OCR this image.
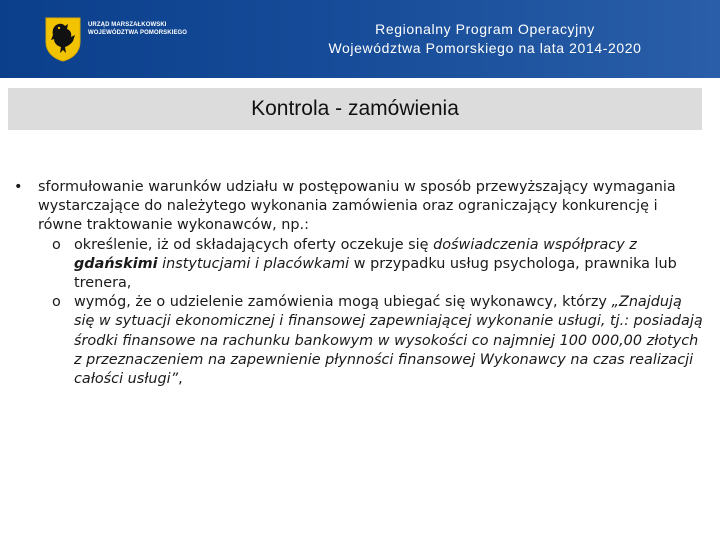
URZĄD MARSZAŁKOWSKI
WOJEWÓDZTWA POMORSKIEGO	Regionalny Program Operacyjny
Województwa Pomorskiego na lata 2014-2020
Kontrola - zamówienia
•	sformułowanie warunków udziału w postępowaniu w sposób przewyższający wymagania wystarczające do należytego wykonania zamówienia oraz ograniczający konkurencję i równe traktowanie wykonawców, np.:
o określenie, iż od składających oferty oczekuje się doświadczenia współpracy z gdańskimi instytucjami i placówkami w przypadku usług psychologa, prawnika lub trenera,
o wymóg, że o udzielenie zamówienia mogą ubiegać się wykonawcy, którzy „Znajdują się w sytuacji ekonomicznej i finansowej zapewniającej wykonanie usługi, tj.: posiadają środki finansowe na rachunku bankowym w wysokości co najmniej 100 000,00 złotych z przeznaczeniem na zapewnienie płynności finansowej Wykonawcy na czas realizacji całości usługi”,
